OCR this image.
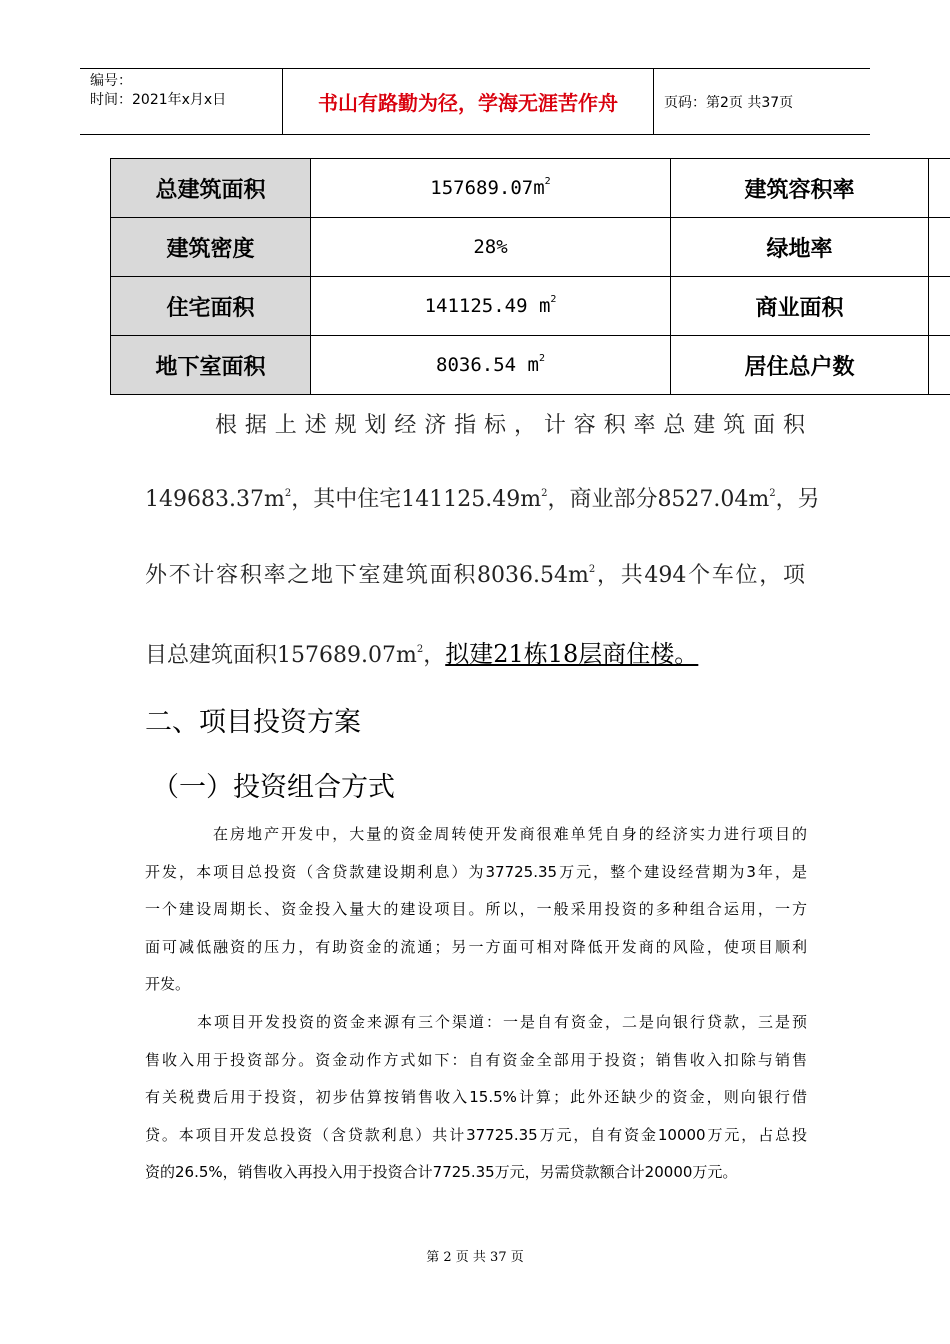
编号：
时间：2021年x月x日	书山有路勤为径，学海无涯苦作舟	页码：第2页 共37页
总建筑面积	$157689.07m^2$	建筑容积率	
建筑密度	28%	绿地率	
住宅面积	141125.49 $m^2$	商业面积	
地下室面积	8036.54 $m^2$	居住总户数	
根据上述规划经济指标，计容积率总建筑面积
$149683.37m^2$，其中住宅$141125.49m^2$，商业部分$8527.04m^2$，另
外不计容积率之地下室建筑面积$8036.54m^2$，共494个车位，项
目总建筑面积$157689.07m^2$，拟建21栋18层商住楼。
二、项目投资方案
（一）投资组合方式
在房地产开发中，大量的资金周转使开发商很难单凭自身的经济实力进行项目的
开发，本项目总投资（含贷款建设期利息）为37725.35万元，整个建设经营期为3年，是
一个建设周期长、资金投入量大的建设项目。所以，一般采用投资的多种组合运用，一方
面可减低融资的压力，有助资金的流通；另一方面可相对降低开发商的风险，使项目顺利
开发。
本项目开发投资的资金来源有三个渠道：一是自有资金，二是向银行贷款，三是预
售收入用于投资部分。资金动作方式如下：自有资金全部用于投资；销售收入扣除与销售
有关税费后用于投资，初步估算按销售收入15.5%计算；此外还缺少的资金，则向银行借
贷。本项目开发总投资（含贷款利息）共计37725.35万元，自有资金10000万元，占总投
资的26.5%，销售收入再投入用于投资合计7725.35万元，另需贷款额合计20000万元。
第 2 页 共 37 页
